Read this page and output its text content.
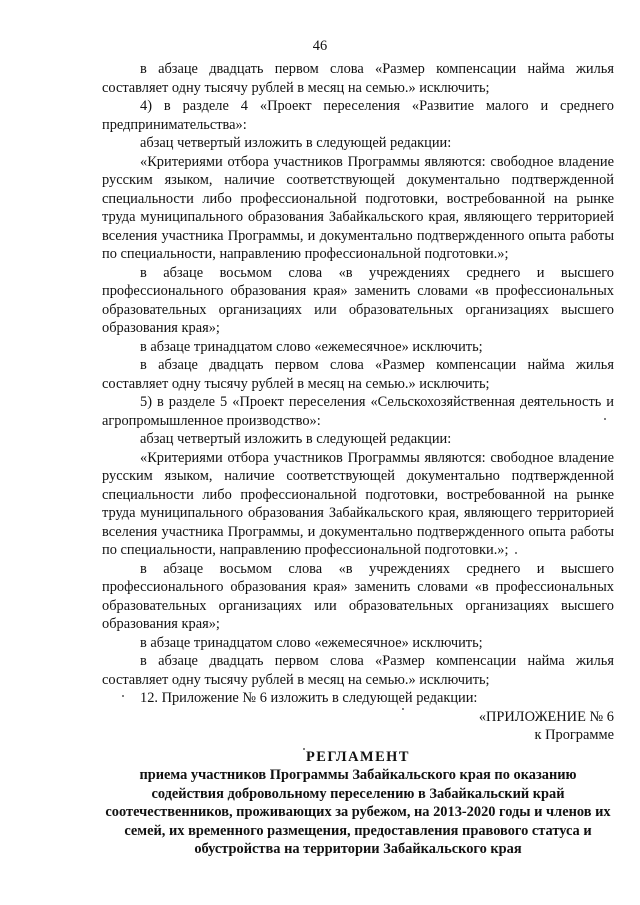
46

в абзаце двадцать первом слова «Размер компенсации найма жилья составляет одну тысячу рублей в месяц на семью.» исключить;

4) в разделе 4 «Проект переселения «Развитие малого и среднего предпринимательства»:

абзац четвертый изложить в следующей редакции:

«Критериями отбора участников Программы являются: свободное владение русским языком, наличие соответствующей документально подтвержденной специальности либо профессиональной подготовки, востребованной на рынке труда муниципального образования Забайкальского края, являющего территорией вселения участника Программы, и документально подтвержденного опыта работы по специальности, направлению профессиональной подготовки.»;

в абзаце восьмом слова «в учреждениях среднего и высшего профессионального образования края» заменить словами «в профессиональных образовательных организациях или образовательных организациях высшего образования края»;

в абзаце тринадцатом слово «ежемесячное» исключить;

в абзаце двадцать первом слова «Размер компенсации найма жилья составляет одну тысячу рублей в месяц на семью.» исключить;

5) в разделе 5 «Проект переселения «Сельскохозяйственная деятельность и агропромышленное производство»:

абзац четвертый изложить в следующей редакции:

«Критериями отбора участников Программы являются: свободное владение русским языком, наличие соответствующей документально подтвержденной специальности либо профессиональной подготовки, востребованной на рынке труда муниципального образования Забайкальского края, являющего территорией вселения участника Программы, и документально подтвержденного опыта работы по специальности, направлению профессиональной подготовки.»;

в абзаце восьмом слова «в учреждениях среднего и высшего профессионального образования края» заменить словами «в профессиональных образовательных организациях или образовательных организациях высшего образования края»;

в абзаце тринадцатом слово «ежемесячное» исключить;

в абзаце двадцать первом слова «Размер компенсации найма жилья составляет одну тысячу рублей в месяц на семью.» исключить;

12. Приложение № 6 изложить в следующей редакции:

«ПРИЛОЖЕНИЕ № 6

к Программе

РЕГЛАМЕНТ

приема участников Программы Забайкальского края по оказанию содействия добровольному переселению в Забайкальский край соотечественников, проживающих за рубежом, на 2013-2020 годы и членов их семей, их временного размещения, предоставления правового статуса и обустройства на территории Забайкальского края
